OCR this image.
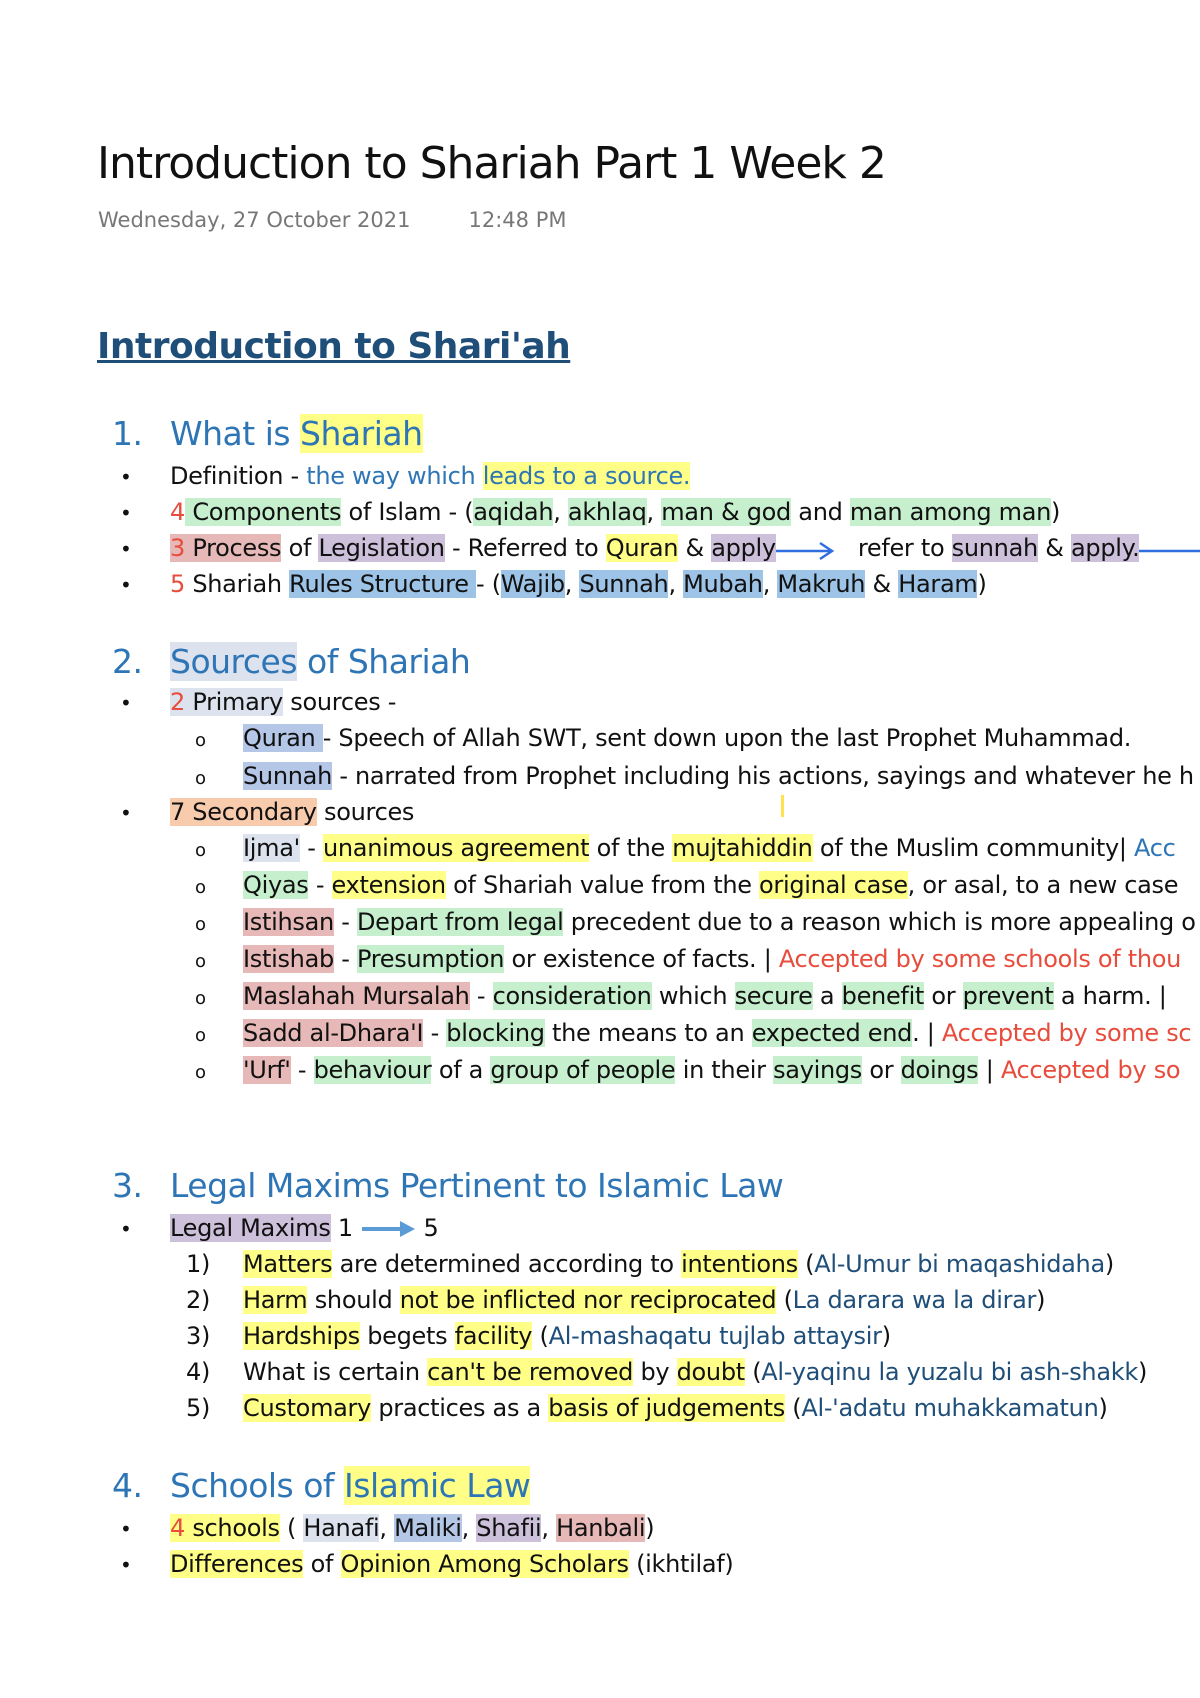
Introduction to Shariah Part 1 Week 2
Wednesday, 27 October 2021	12:48 PM
Introduction to Shari'ah
1. What is Shariah
• Definition - the way which leads to a source.
• 4 Components of Islam - (aqidah, akhlaq, man & god and man among man)
• 3 Process of Legislation - Referred to Quran & apply	refer to sunnah & apply.
• 5 Shariah Rules Structure - (Wajib, Sunnah, Mubah, Makruh & Haram)
2. Sources of Shariah
• 2 Primary sources -
o Quran - Speech of Allah SWT, sent down upon the last Prophet Muhammad.
o Sunnah - narrated from Prophet including his actions, sayings and whatever he h
• 7 Secondary sources
o Ijma' - unanimous agreement of the mujtahiddin of the Muslim community| Acc
o Qiyas - extension of Shariah value from the original case, or asal, to a new case
o Istihsan - Depart from legal precedent due to a reason which is more appealing o
o Istishab - Presumption or existence of facts. | Accepted by some schools of thou
o Maslahah Mursalah - consideration which secure a benefit or prevent a harm. |
o Sadd al-Dhara'I - blocking the means to an expected end. | Accepted by some sc
o 'Urf' - behaviour of a group of people in their sayings or doings | Accepted by so
3. Legal Maxims Pertinent to Islamic Law
• Legal Maxims 1  5
1) Matters are determined according to intentions (Al-Umur bi maqashidaha)
2) Harm should not be inflicted nor reciprocated (La darara wa la dirar)
3) Hardships begets facility (Al-mashaqatu tujlab attaysir)
4) What is certain can't be removed by doubt (Al-yaqinu la yuzalu bi ash-shakk)
5) Customary practices as a basis of judgements (Al-'adatu muhakkamatun)
4. Schools of Islamic Law
• 4 schools ( Hanafi, Maliki, Shafii, Hanbali)
• Differences of Opinion Among Scholars (ikhtilaf)
